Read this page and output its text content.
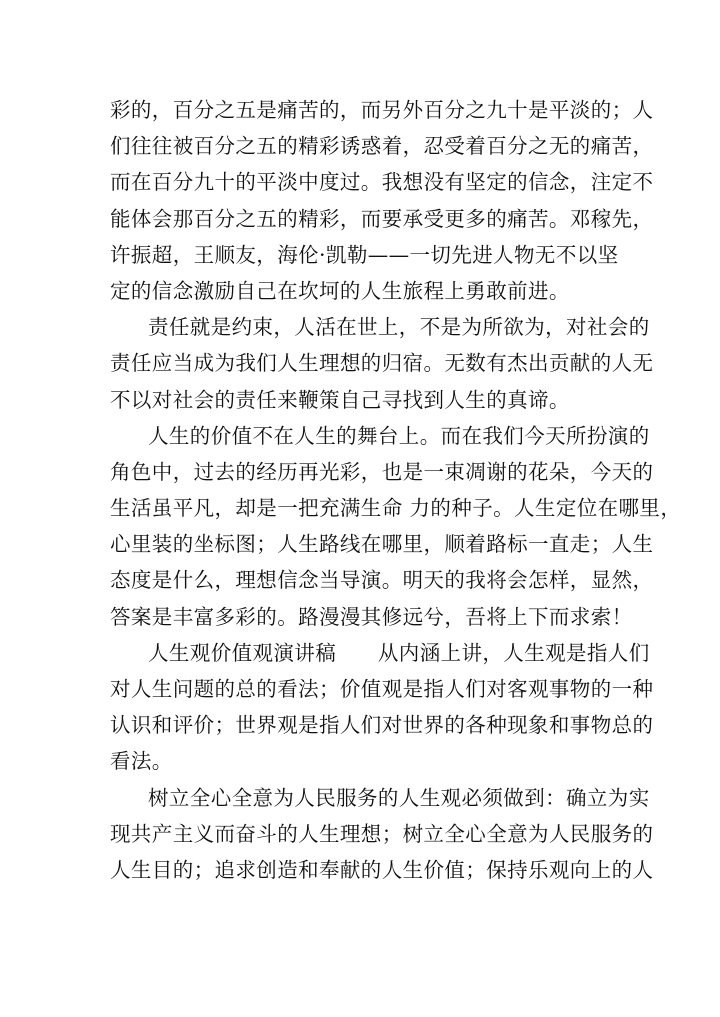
彩的，百分之五是痛苦的，而另外百分之九十是平淡的；人
们往往被百分之五的精彩诱惑着，忍受着百分之无的痛苦，
而在百分九十的平淡中度过。我想没有坚定的信念，注定不
能体会那百分之五的精彩，而要承受更多的痛苦。邓稼先，
许振超，王顺友，海伦·凯勒——一切先进人物无不以坚
定的信念激励自己在坎坷的人生旅程上勇敢前进。
责任就是约束，人活在世上，不是为所欲为，对社会的
责任应当成为我们人生理想的归宿。无数有杰出贡献的人无
不以对社会的责任来鞭策自己寻找到人生的真谛。
人生的价值不在人生的舞台上。而在我们今天所扮演的
角色中，过去的经历再光彩，也是一束凋谢的花朵，今天的
生活虽平凡，却是一把充满生命 力的种子。人生定位在哪里，
心里装的坐标图；人生路线在哪里，顺着路标一直走；人生
态度是什么，理想信念当导演。明天的我将会怎样，显然，
答案是丰富多彩的。路漫漫其修远兮，吾将上下而求索！
人生观价值观演讲稿　　从内涵上讲，人生观是指人们
对人生问题的总的看法；价值观是指人们对客观事物的一种
认识和评价；世界观是指人们对世界的各种现象和事物总的
看法。
树立全心全意为人民服务的人生观必须做到：确立为实
现共产主义而奋斗的人生理想；树立全心全意为人民服务的
人生目的；追求创造和奉献的人生价值；保持乐观向上的人
